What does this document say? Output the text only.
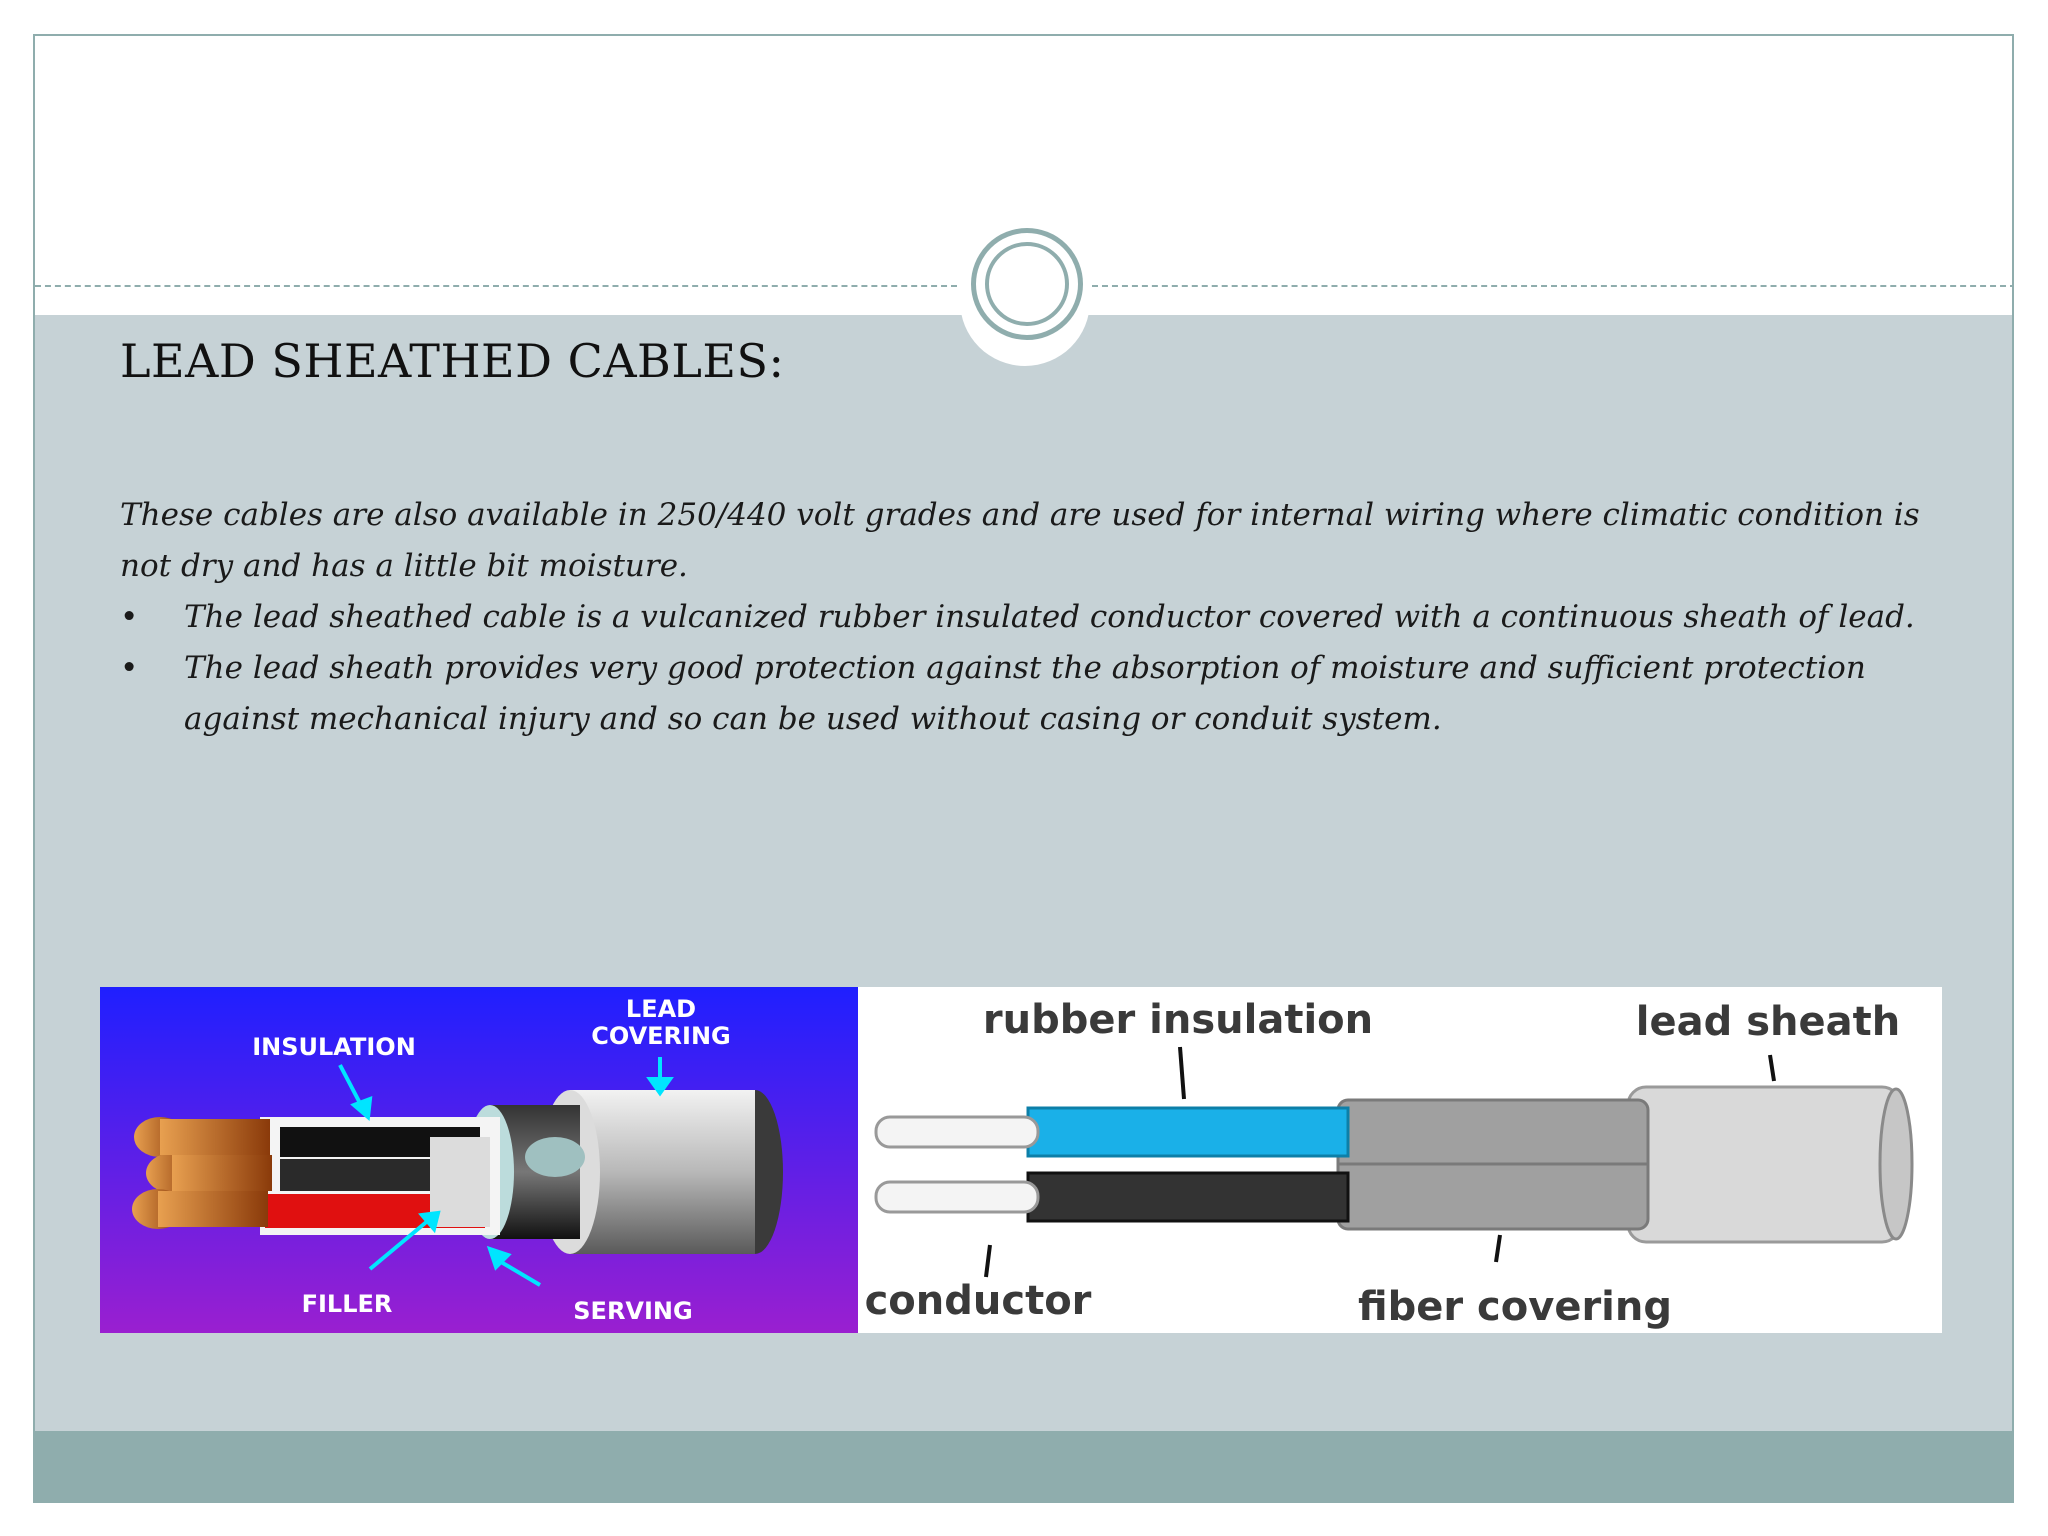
LEAD SHEATHED CABLES:

These cables are also available in 250/440 volt grades and are used for internal wiring where climatic condition is not dry and has a little bit moisture.

• The lead sheathed cable is a vulcanized rubber insulated conductor covered with a continuous sheath of lead.
• The lead sheath provides very good protection against the absorption of moisture and sufficient protection against mechanical injury and so can be used without casing or conduit system.
LEAD
COVERING
INSULATION
FILLER	SERVING
rubber insulation	lead sheath
conductor	fiber covering
